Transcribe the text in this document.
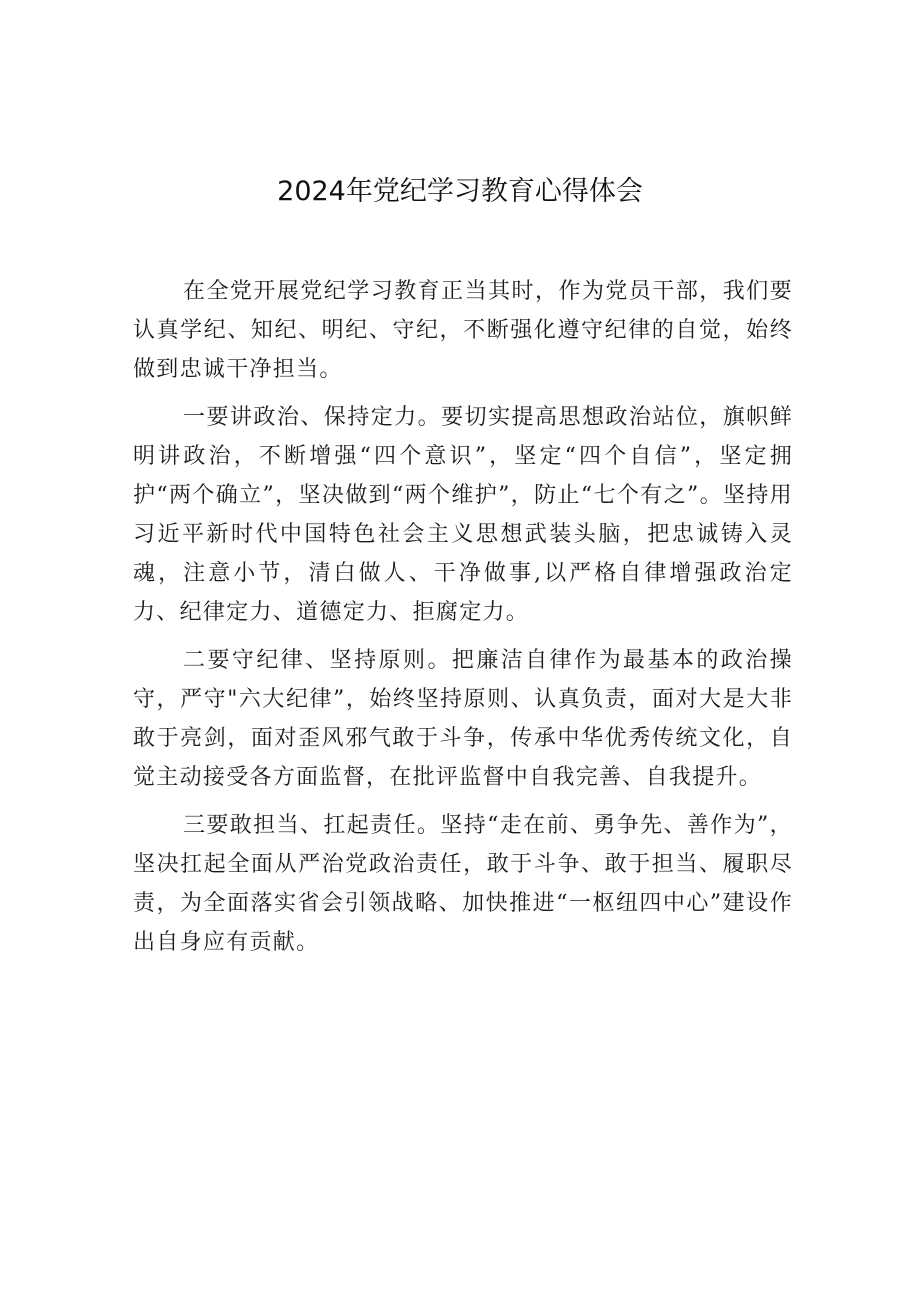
2024年党纪学习教育心得体会

在全党开展党纪学习教育正当其时，作为党员干部，我们要认真学纪、知纪、明纪、守纪，不断强化遵守纪律的自觉，始终做到忠诚干净担当。

一要讲政治、保持定力。要切实提高思想政治站位，旗帜鲜明讲政治，不断增强“四个意识”，坚定“四个自信”，坚定拥护“两个确立”，坚决做到“两个维护”，防止“七个有之”。坚持用习近平新时代中国特色社会主义思想武装头脑，把忠诚铸入灵魂，注意小节，清白做人、干净做事,以严格自律增强政治定力、纪律定力、道德定力、拒腐定力。

二要守纪律、坚持原则。把廉洁自律作为最基本的政治操守，严守"六大纪律”，始终坚持原则、认真负责，面对大是大非敢于亮剑，面对歪风邪气敢于斗争，传承中华优秀传统文化，自觉主动接受各方面监督，在批评监督中自我完善、自我提升。

三要敢担当、扛起责任。坚持“走在前、勇争先、善作为”，坚决扛起全面从严治党政治责任，敢于斗争、敢于担当、履职尽责，为全面落实省会引领战略、加快推进“一枢纽四中心”建设作出自身应有贡献。
